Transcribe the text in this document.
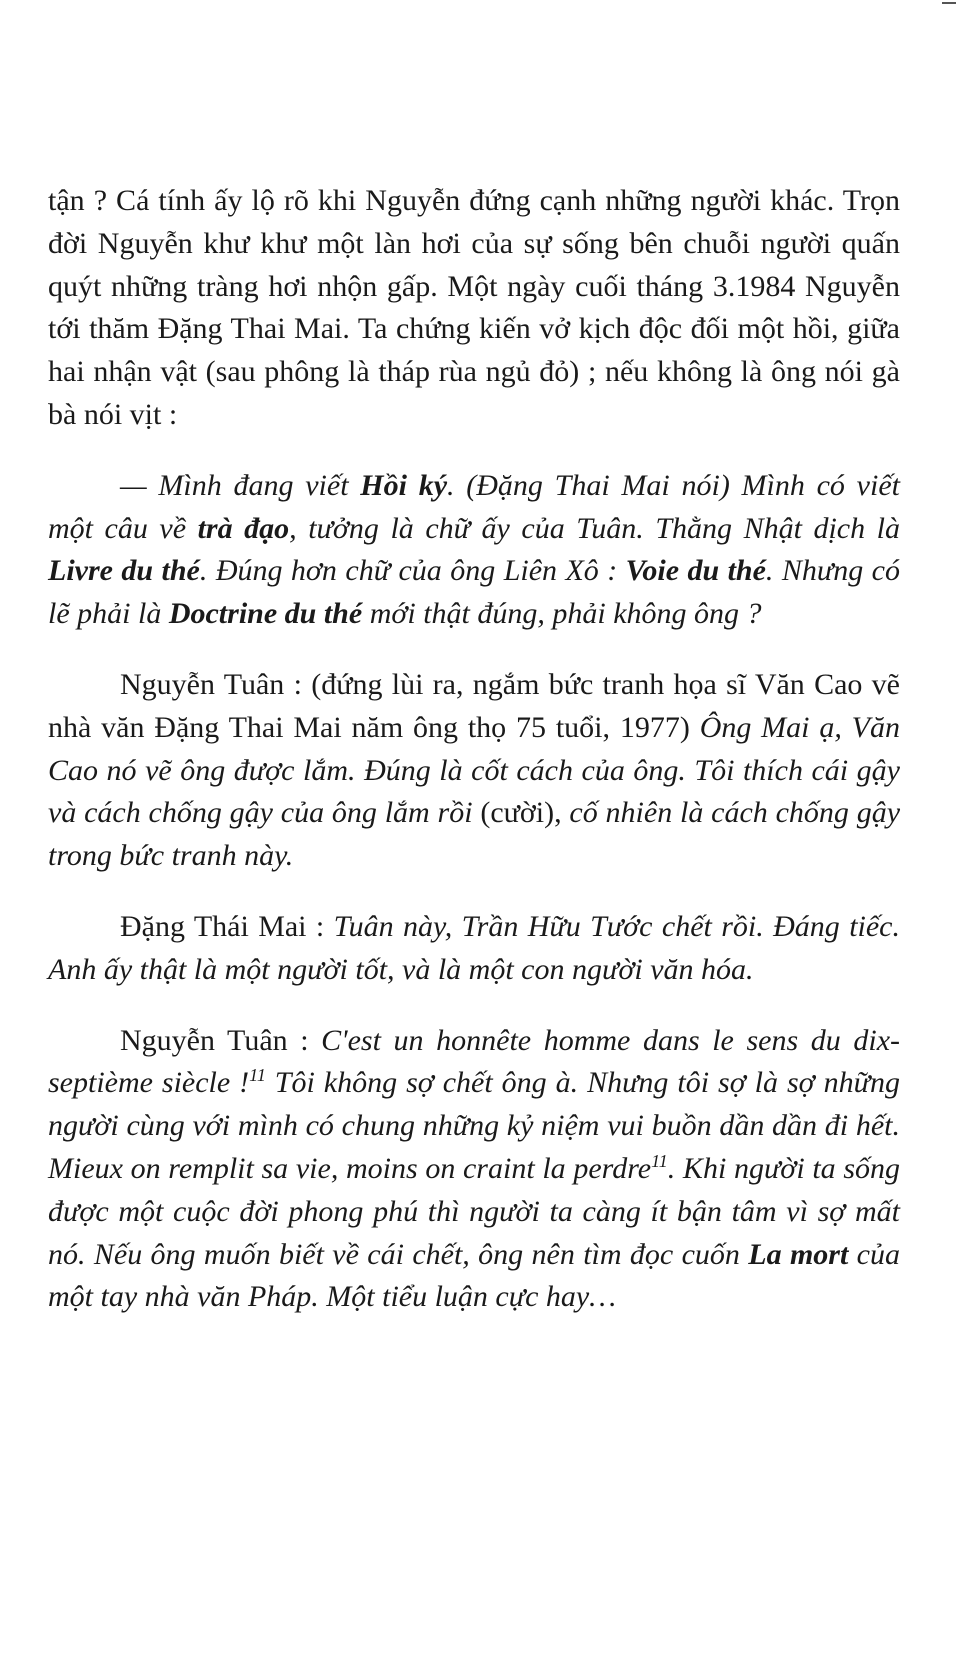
tận ? Cá tính ấy lộ rõ khi Nguyễn đứng cạnh những người khác. Trọn đời Nguyễn khư khư một làn hơi của sự sống bên chuỗi người quấn quýt những tràng hơi nhộn gấp. Một ngày cuối tháng 3.1984 Nguyễn tới thăm Đặng Thai Mai. Ta chứng kiến vở kịch độc đối một hồi, giữa hai nhận vật (sau phông là tháp rùa ngủ đỏ) ; nếu không là ông nói gà bà nói vịt :

— Mình đang viết Hồi ký. (Đặng Thai Mai nói) Mình có viết một câu về trà đạo, tưởng là chữ ấy của Tuân. Thằng Nhật dịch là Livre du thé. Đúng hơn chữ của ông Liên Xô : Voie du thé. Nhưng có lẽ phải là Doctrine du thé mới thật đúng, phải không ông ?

Nguyễn Tuân : (đứng lùi ra, ngắm bức tranh họa sĩ Văn Cao vẽ nhà văn Đặng Thai Mai năm ông thọ 75 tuổi, 1977) Ông Mai ạ, Văn Cao nó vẽ ông được lắm. Đúng là cốt cách của ông. Tôi thích cái gậy và cách chống gậy của ông lắm rồi (cười), cố nhiên là cách chống gậy trong bức tranh này.

Đặng Thái Mai : Tuân này, Trần Hữu Tước chết rồi. Đáng tiếc. Anh ấy thật là một người tốt, và là một con người văn hóa.

Nguyễn Tuân : C'est un honnête homme dans le sens du dix-septième siècle !$^{11}$ Tôi không sợ chết ông à. Nhưng tôi sợ là sợ những người cùng với mình có chung những kỷ niệm vui buồn dần dần đi hết. Mieux on remplit sa vie, moins on craint la perdre$^{11}$. Khi người ta sống được một cuộc đời phong phú thì người ta càng ít bận tâm vì sợ mất nó. Nếu ông muốn biết về cái chết, ông nên tìm đọc cuốn La mort của một tay nhà văn Pháp. Một tiểu luận cực hay…
